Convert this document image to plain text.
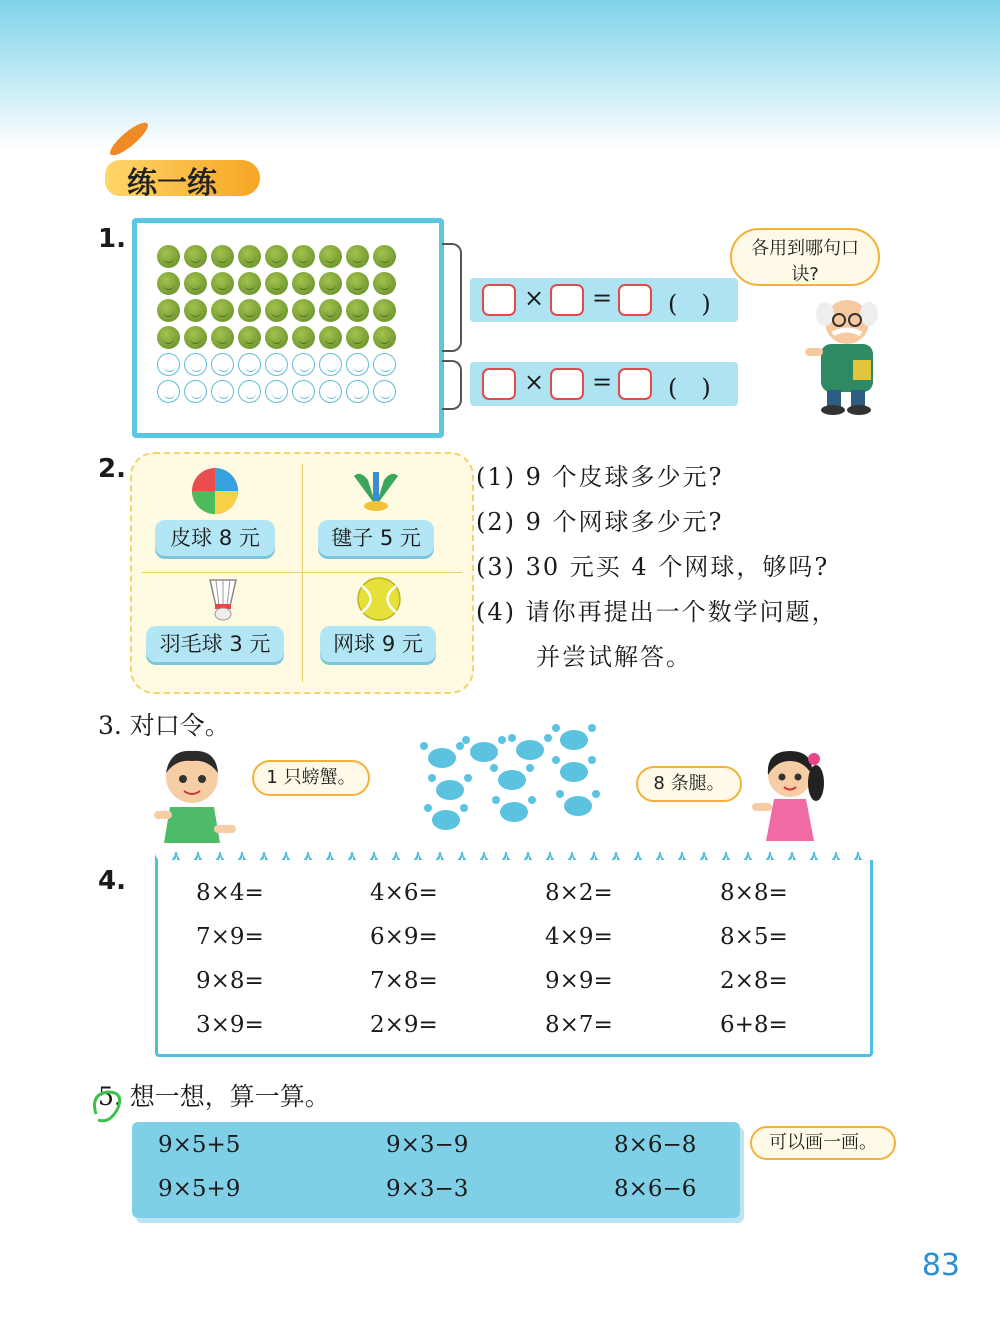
练一练
1.
× = (　)
× = (　)
各用到哪句口诀?
2.
皮球 8 元	毽子 5 元
羽毛球 3 元	网球 9 元
(1) 9 个皮球多少元?
(2) 9 个网球多少元?
(3) 30 元买 4 个网球，够吗?
(4) 请你再提出一个数学问题，
并尝试解答。
3. 对口令。
1 只螃蟹。	8 条腿。
4.	8×4=	4×6=	8×2=	8×8=
7×9=	6×9=	4×9=	8×5=
9×8=	7×8=	9×9=	2×8=
3×9=	2×9=	8×7=	6+8=
5. 想一想，算一算。
9×5+5	9×3−9	8×6−8
9×5+9	9×3−3	8×6−6
可以画一画。
83
